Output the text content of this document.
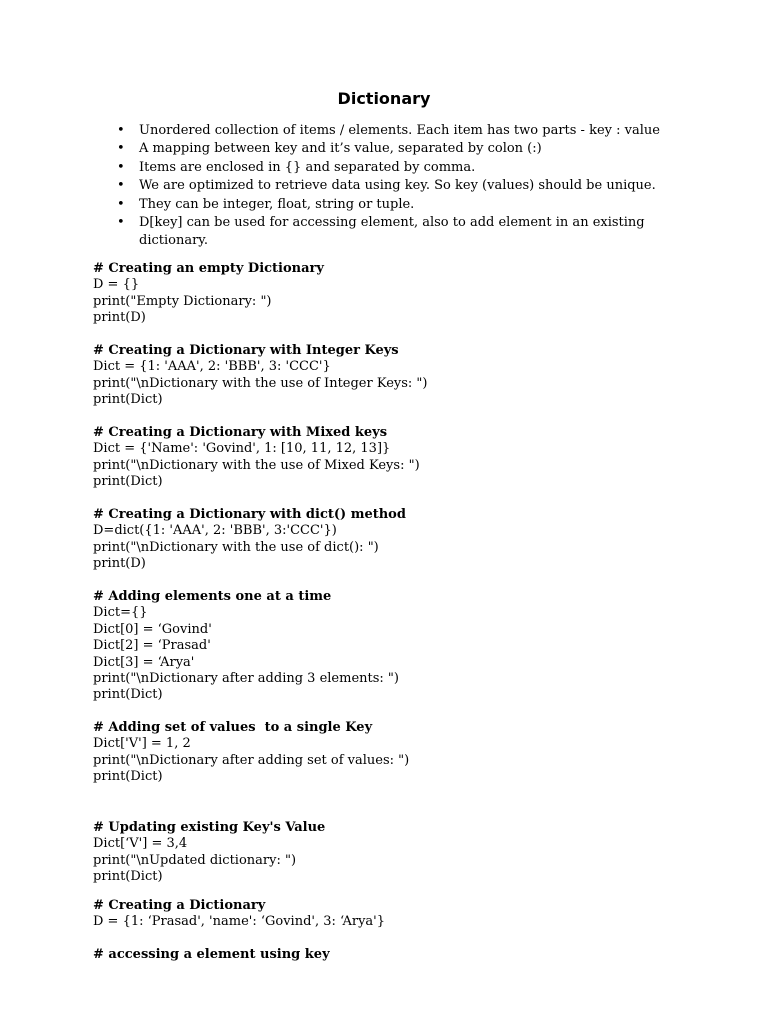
Dictionary
• Unordered collection of items / elements. Each item has two parts - key : value
• A mapping between key and it’s value, separated by colon (:)
• Items are enclosed in {} and separated by comma.
• We are optimized to retrieve data using key. So key (values) should be unique.
• They can be integer, float, string or tuple.
• D[key] can be used for accessing element, also to add element in an existing dictionary.
# Creating an empty Dictionary
D = {}
print("Empty Dictionary: ")
print(D)
# Creating a Dictionary with Integer Keys
Dict = {1: 'AAA', 2: 'BBB', 3: 'CCC'}
print("\nDictionary with the use of Integer Keys: ")
print(Dict)
# Creating a Dictionary with Mixed keys
Dict = {'Name': 'Govind', 1: [10, 11, 12, 13]}
print("\nDictionary with the use of Mixed Keys: ")
print(Dict)
# Creating a Dictionary with dict() method
D=dict({1: 'AAA', 2: 'BBB', 3:'CCC'})
print("\nDictionary with the use of dict(): ")
print(D)
# Adding elements one at a time
Dict={}
Dict[0] = ‘Govind'
Dict[2] = ‘Prasad'
Dict[3] = ‘Arya'
print("\nDictionary after adding 3 elements: ")
print(Dict)
# Adding set of values  to a single Key
Dict['V'] = 1, 2
print("\nDictionary after adding set of values: ")
print(Dict)
# Updating existing Key's Value
Dict[‘V'] = 3,4
print("\nUpdated dictionary: ")
print(Dict)
# Creating a Dictionary
D = {1: ‘Prasad', 'name': ‘Govind', 3: ‘Arya'}
# accessing a element using key
